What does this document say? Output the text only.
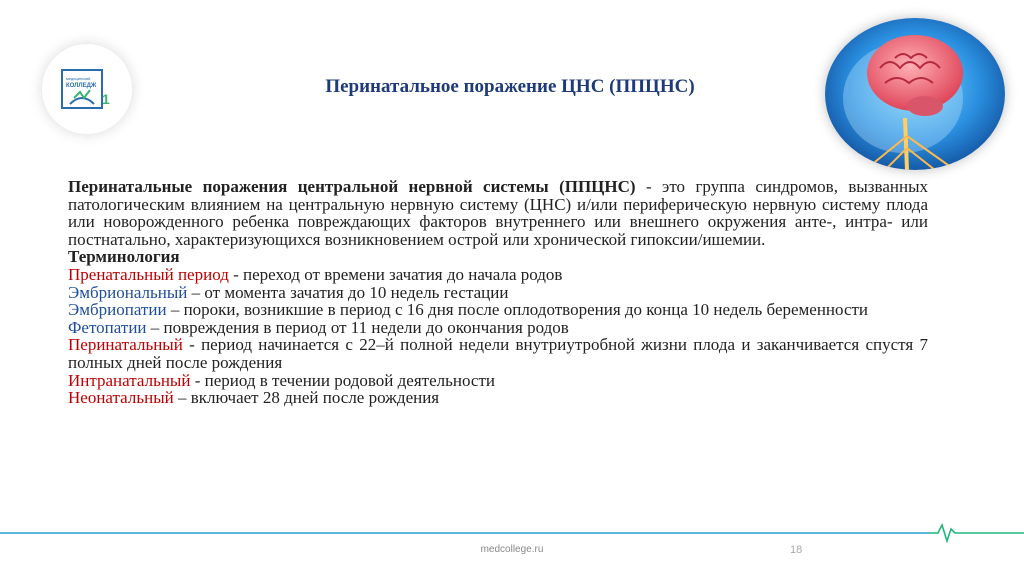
медицинский
КОЛЛЕДЖ
1
Перинатальное поражение ЦНС (ППЦНС)

Перинатальные поражения центральной нервной системы (ППЦНС) - это группа синдромов, вызванных патологическим влиянием на центральную нервную систему (ЦНС) и/или периферическую нервную систему плода или новорожденного ребенка повреждающих факторов внутреннего или внешнего окружения анте-, интра- или постнатально, характеризующихся возникновением острой или хронической гипоксии/ишемии.

Терминология

Пренатальный период - переход от времени зачатия до начала родов

Эмбриональный – от момента зачатия до 10 недель гестации

Эмбриопатии – пороки, возникшие в период с 16 дня после оплодотворения до конца 10 недель беременности

Фетопатии – повреждения в период от 11 недели до окончания родов

Перинатальный - период начинается с 22–й полной недели внутриутробной жизни плода и заканчивается спустя 7 полных дней после рождения

Интранатальный - период в течении родовой деятельности

Неонатальный – включает 28 дней после рождения

medcollege.ru	18
